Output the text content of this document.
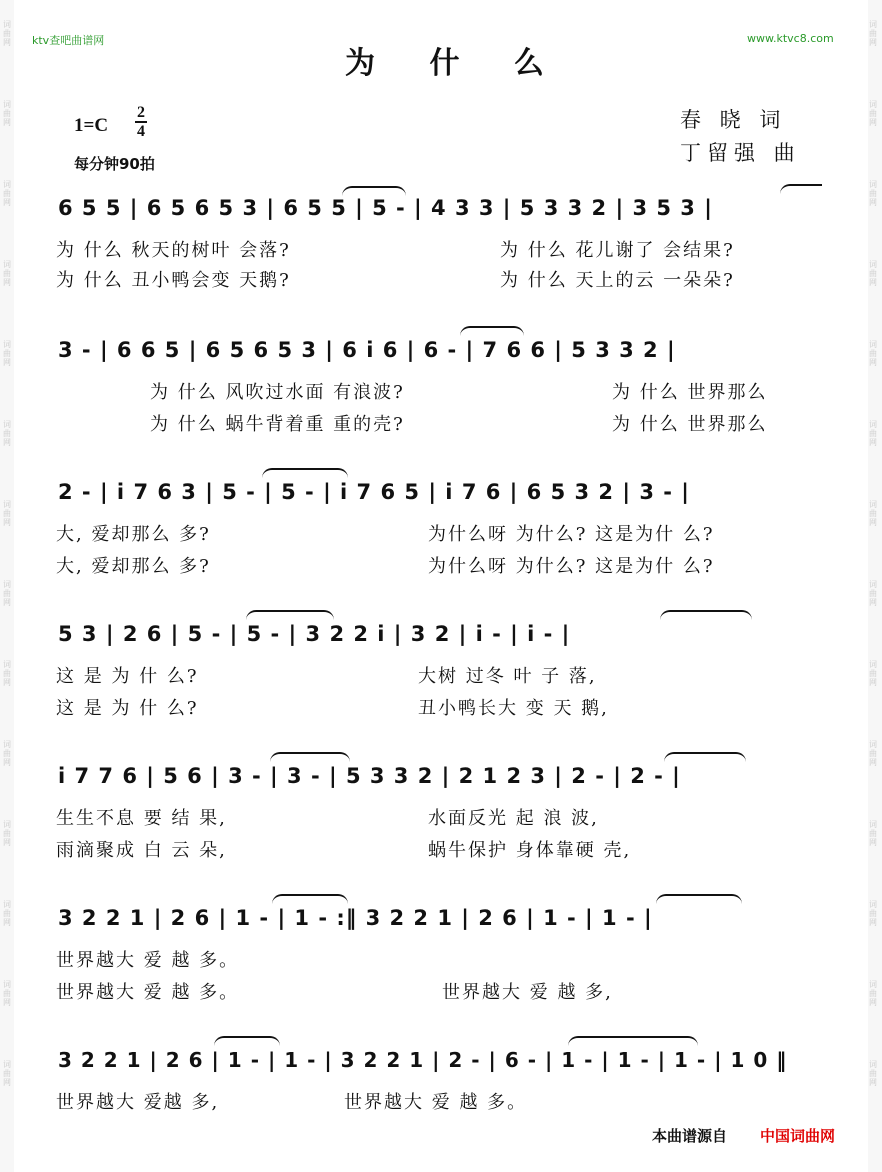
词
曲
网
词
曲
网
词
曲
网
词
曲
网
词
曲
网
词
曲
网
词
曲
网
词
曲
网
词
曲
网
词
曲
网
词
曲
网
词
曲
网
词
曲
网
词
曲
网
词
曲
网
词
曲
网
词
曲
网
词
曲
网
词
曲
网
词
曲
网
词
曲
网
词
曲
网
词
曲
网
词
曲
网
词
曲
网
词
曲
网
词
曲
网
词
曲
网
ktv查吧曲谱网	www.ktvc8.com
为 什 么
1=C
2
4
每分钟90拍
春 晓 词
丁留强 曲
6 5 5 | 6 5 6 5 3 | 6 5 5 | 5 - | 4 3 3 | 5 3 3 2 | 3 5 3 |
为 什么 秋天的树叶 会落?	为 什么 花儿谢了 会结果?
为 什么 丑小鸭会变 天鹅?	为 什么 天上的云 一朵朵?
3 - | 6 6 5 | 6 5 6 5 3 | 6 i 6 | 6 - | 7 6 6 | 5 3 3 2 |
为 什么 风吹过水面 有浪波?	为 什么 世界那么
为 什么 蜗牛背着重 重的壳?	为 什么 世界那么
2 - | i 7 6 3 | 5 - | 5 - | i 7 6 5 | i 7 6 | 6 5 3 2 | 3 - |
大, 爱却那么 多?	为什么呀 为什么? 这是为什 么?
大, 爱却那么 多?	为什么呀 为什么? 这是为什 么?
5 3 | 2 6 | 5 - | 5 - | 3 2 2 i | 3 2 | i - | i - |
这 是 为 什 么?	大树 过冬 叶 子 落,
这 是 为 什 么?	丑小鸭长大 变 天 鹅,
i 7 7 6 | 5 6 | 3 - | 3 - | 5 3 3 2 | 2 1 2 3 | 2 - | 2 - |
生生不息 要 结 果,	水面反光 起 浪 波,
雨滴聚成 白 云 朵,	蜗牛保护 身体靠硬 壳,
3 2 2 1 | 2 6 | 1 - | 1 - :‖ 3 2 2 1 | 2 6 | 1 - | 1 - |
世界越大 爱 越 多。
世界越大 爱 越 多。	世界越大 爱 越 多,
3 2 2 1 | 2 6 | 1 - | 1 - | 3 2 2 1 | 2 - | 6 - | 1 - | 1 - | 1 - | 1 0 ‖
世界越大 爱越 多,	世界越大 爱 越 多。
本曲谱源自 中国词曲网
